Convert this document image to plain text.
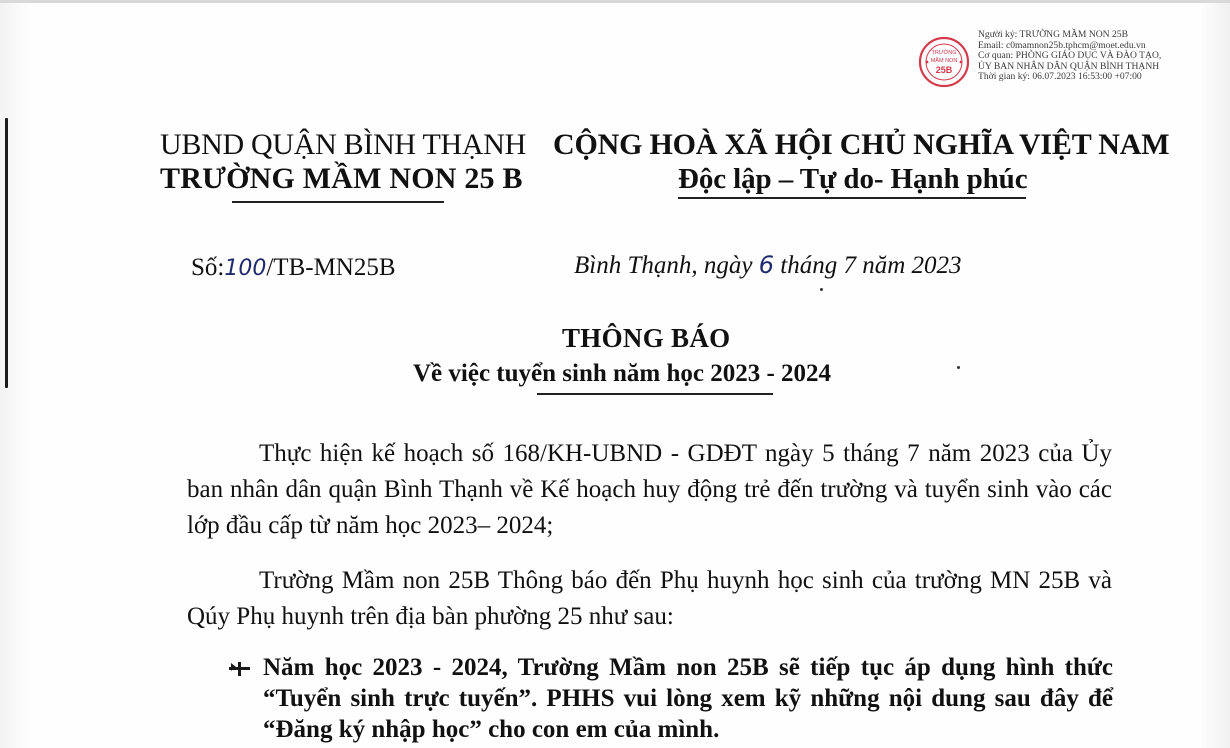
TRƯỜNG
MẦM NON
25B
Người ký: TRƯỜNG MẦM NON 25B
Email: c0mamnon25b.tphcm@moet.edu.vn
Cơ quan: PHÒNG GIÁO DỤC VÀ ĐÀO TẠO,
ỦY BAN NHÂN DÂN QUẬN BÌNH THẠNH
Thời gian ký: 06.07.2023 16:53:00 +07:00
UBND QUẬN BÌNH THẠNH
TRƯỜNG MẦM NON 25 B
CỘNG HOÀ XÃ HỘI CHỦ NGHĨA VIỆT NAM
Độc lập – Tự do- Hạnh phúc
Số:100/TB-MN25B	Bình Thạnh, ngày 6 tháng 7 năm 2023
THÔNG BÁO
Về việc tuyển sinh năm học 2023 - 2024
Thực hiện kế hoạch số 168/KH-UBND - GDĐT ngày 5 tháng 7 năm 2023 của Ủy ban nhân dân quận Bình Thạnh về Kế hoạch huy động trẻ đến trường và tuyển sinh vào các lớp đầu cấp từ năm học 2023– 2024;
Trường Mầm non 25B Thông báo đến Phụ huynh học sinh của trường MN 25B và Qúy Phụ huynh trên địa bàn phường 25 như sau:
Năm học 2023 - 2024, Trường Mầm non 25B sẽ tiếp tục áp dụng hình thức “Tuyển sinh trực tuyến”. PHHS vui lòng xem kỹ những nội dung sau đây để “Đăng ký nhập học” cho con em của mình.
